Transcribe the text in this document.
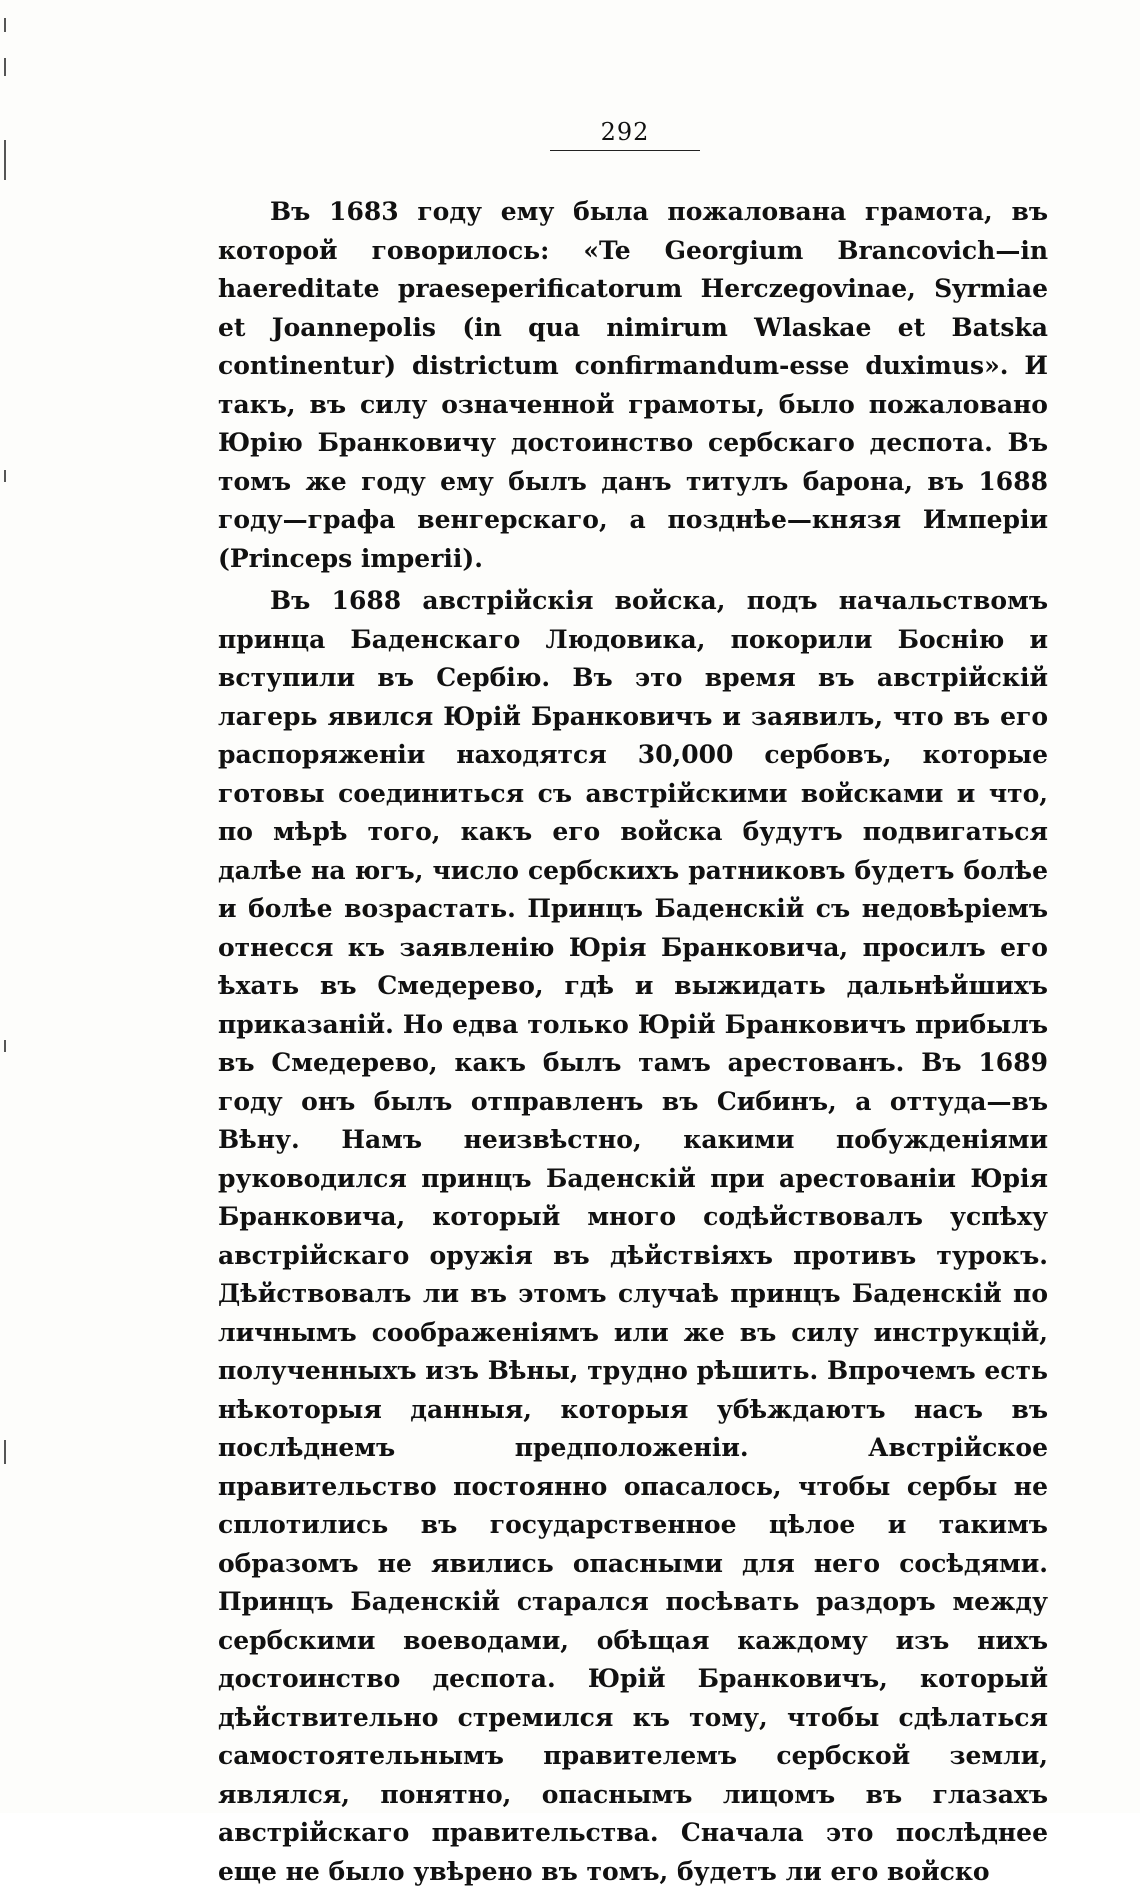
292

Въ 1683 году ему была пожалована грамота, въ которой говорилось: «Te Georgium Brancovich—in haereditate praeseperificatorum Herczegovinae, Syrmiae et Joannepolis (in qua nimirum Wlaskae et Batska continentur) districtum confirmandum-esse duximus». И такъ, въ силу означенной грамоты, было пожаловано Юрію Бранковичу достоинство сербскаго деспота. Въ томъ же году ему былъ данъ титулъ барона, въ 1688 году—графа венгерскаго, а позднѣе—князя Имперіи (Princeps imperii).

Въ 1688 австрійскія войска, подъ начальствомъ принца Баденскаго Людовика, покорили Боснію и вступили въ Сербію. Въ это время въ австрійскій лагерь явился Юрій Бранковичъ и заявилъ, что въ его распоряженіи находятся 30,000 сербовъ, которые готовы соединиться съ австрійскими войсками и что, по мѣрѣ того, какъ его войска будутъ подвигаться далѣе на югъ, число сербскихъ ратниковъ будетъ болѣе и болѣе возрастать. Принцъ Баденскій съ недовѣріемъ отнесся къ заявленію Юрія Бранковича, просилъ его ѣхать въ Смедерево, гдѣ и выжидать дальнѣйшихъ приказаній. Но едва только Юрій Бранковичъ прибылъ въ Смедерево, какъ былъ тамъ арестованъ. Въ 1689 году онъ былъ отправленъ въ Сибинъ, а оттуда—въ Вѣну. Намъ неизвѣстно, какими побужденіями руководился принцъ Баденскій при арестованіи Юрія Бранковича, который много содѣйствовалъ успѣху австрійскаго оружія въ дѣйствіяхъ противъ турокъ. Дѣйствовалъ ли въ этомъ случаѣ принцъ Баденскій по личнымъ соображеніямъ или же въ силу инструкцій, полученныхъ изъ Вѣны, трудно рѣшить. Впрочемъ есть нѣкоторыя данныя, которыя убѣждаютъ насъ въ послѣднемъ предположеніи. Австрійское правительство постоянно опасалось, чтобы сербы не сплотились въ государственное цѣлое и такимъ образомъ не явились опасными для него сосѣдями. Принцъ Баденскій старался посѣвать раздоръ между сербскими воеводами, обѣщая каждому изъ нихъ достоинство деспота. Юрій Бранковичъ, который дѣйствительно стремился къ тому, чтобы сдѣлаться самостоятельнымъ правителемъ сербской земли, являлся, понятно, опаснымъ лицомъ въ глазахъ австрійскаго правительства. Сначала это послѣднее еще не было увѣрено въ томъ, будетъ ли его войско
